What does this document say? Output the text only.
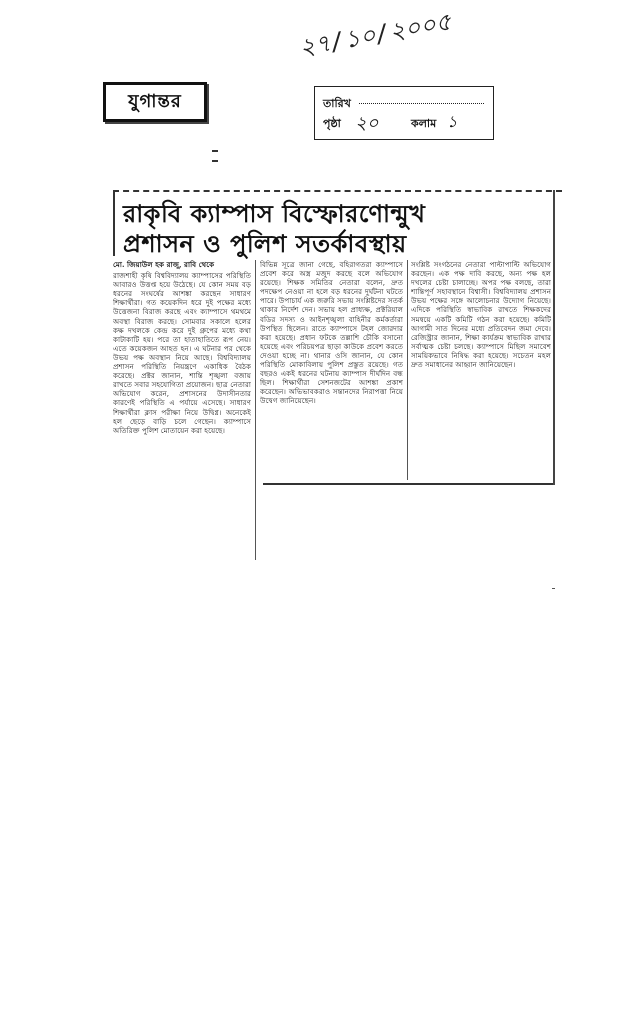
যুগান্তর
২৭/১০/২০০৫
তারিখ
পৃষ্ঠা ২০	কলাম ১
রাকৃবি ক্যাম্পাস বিস্ফোরণোন্মুখ
প্রশাসন ও পুলিশ সতর্কাবস্থায়
মো. জিয়াউল হক রাজু, রাবি থেকে
রাজশাহী কৃষি বিশ্ববিদ্যালয় ক্যাম্পাসের পরিস্থিতি আবারও উত্তপ্ত হয়ে উঠেছে। যে কোন সময় বড় ধরনের সংঘর্ষের আশঙ্কা করছেন সাধারণ শিক্ষার্থীরা। গত কয়েকদিন ধরে দুই পক্ষের মধ্যে উত্তেজনা বিরাজ করছে এবং ক্যাম্পাসে থমথমে অবস্থা বিরাজ করছে। সোমবার সকালে হলের কক্ষ দখলকে কেন্দ্র করে দুই গ্রুপের মধ্যে কথা কাটাকাটি হয়। পরে তা হাতাহাতিতে রূপ নেয়। এতে কয়েকজন আহত হন। এ ঘটনার পর থেকে উভয় পক্ষ অবস্থান নিয়ে আছে। বিশ্ববিদ্যালয় প্রশাসন পরিস্থিতি নিয়ন্ত্রণে একাধিক বৈঠক করেছে। প্রক্টর জানান, শান্তি শৃঙ্খলা বজায় রাখতে সবার সহযোগিতা প্রয়োজন। ছাত্র নেতারা অভিযোগ করেন, প্রশাসনের উদাসীনতার কারণেই পরিস্থিতি এ পর্যায়ে এসেছে। সাধারণ শিক্ষার্থীরা ক্লাস পরীক্ষা নিয়ে উদ্বিগ্ন। অনেকেই হল ছেড়ে বাড়ি চলে গেছেন। ক্যাম্পাসে অতিরিক্ত পুলিশ মোতায়েন করা হয়েছে।
বিভিন্ন সূত্রে জানা গেছে, বহিরাগতরা ক্যাম্পাসে প্রবেশ করে অস্ত্র মজুদ করছে বলে অভিযোগ রয়েছে। শিক্ষক সমিতির নেতারা বলেন, দ্রুত পদক্ষেপ নেওয়া না হলে বড় ধরনের দুর্ঘটনা ঘটতে পারে। উপাচার্য এক জরুরি সভায় সংশ্লিষ্টদের সতর্ক থাকার নির্দেশ দেন। সভায় হল প্রাধ্যক্ষ, প্রক্টরিয়াল বডির সদস্য ও আইনশৃঙ্খলা বাহিনীর কর্মকর্তারা উপস্থিত ছিলেন। রাতে ক্যাম্পাসে টহল জোরদার করা হয়েছে। প্রধান ফটকে তল্লাশি চৌকি বসানো হয়েছে এবং পরিচয়পত্র ছাড়া কাউকে প্রবেশ করতে দেওয়া হচ্ছে না। থানার ওসি জানান, যে কোন পরিস্থিতি মোকাবিলায় পুলিশ প্রস্তুত রয়েছে। গত বছরও একই ধরনের ঘটনায় ক্যাম্পাস দীর্ঘদিন বন্ধ ছিল। শিক্ষার্থীরা সেশনজটের আশঙ্কা প্রকাশ করেছেন। অভিভাবকরাও সন্তানদের নিরাপত্তা নিয়ে উদ্বেগ জানিয়েছেন।
সংশ্লিষ্ট সংগঠনের নেতারা পাল্টাপাল্টি অভিযোগ করছেন। এক পক্ষ দাবি করছে, অন্য পক্ষ হল দখলের চেষ্টা চালাচ্ছে। অপর পক্ষ বলছে, তারা শান্তিপূর্ণ সহাবস্থানে বিশ্বাসী। বিশ্ববিদ্যালয় প্রশাসন উভয় পক্ষের সঙ্গে আলোচনার উদ্যোগ নিয়েছে। এদিকে পরিস্থিতি স্বাভাবিক রাখতে শিক্ষকদের সমন্বয়ে একটি কমিটি গঠন করা হয়েছে। কমিটি আগামী সাত দিনের মধ্যে প্রতিবেদন জমা দেবে। রেজিস্ট্রার জানান, শিক্ষা কার্যক্রম স্বাভাবিক রাখার সর্বাত্মক চেষ্টা চলছে। ক্যাম্পাসে মিছিল সমাবেশ সাময়িকভাবে নিষিদ্ধ করা হয়েছে। সচেতন মহল দ্রুত সমাধানের আহ্বান জানিয়েছেন।
